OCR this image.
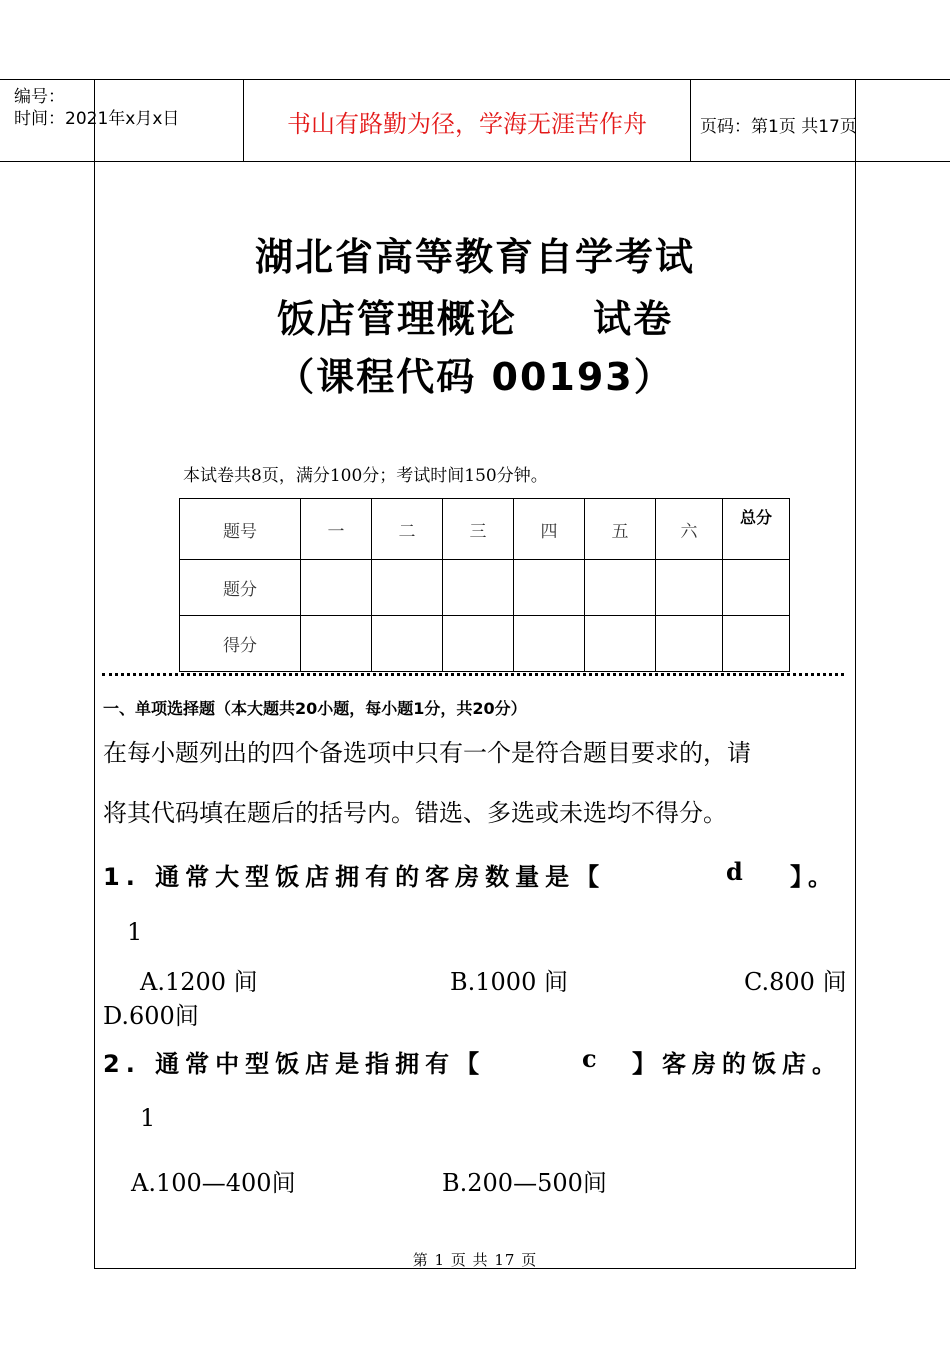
编号：
时间：2021年x月x日	书山有路勤为径，学海无涯苦作舟	页码：第1页 共17页
湖北省高等教育自学考试
饭店管理概论     试卷
（课程代码 00193）
本试卷共8页，满分100分；考试时间150分钟。
题号	一	二	三	四	五	六	总分
题分							
得分							
一、单项选择题（本大题共20小题，每小题1分，共20分）
在每小题列出的四个备选项中只有一个是符合题目要求的，请
将其代码填在题后的括号内。错选、多选或未选均不得分。
1. 通常大型饭店拥有的客房数量是【	d 】。
1
A.1200 间	B.1000 间	C.800 间
D.600间
2. 通常中型饭店是指拥有【	c 】客房的饭店。
1
A.100—400间	B.200—500间
第 1 页 共 17 页
